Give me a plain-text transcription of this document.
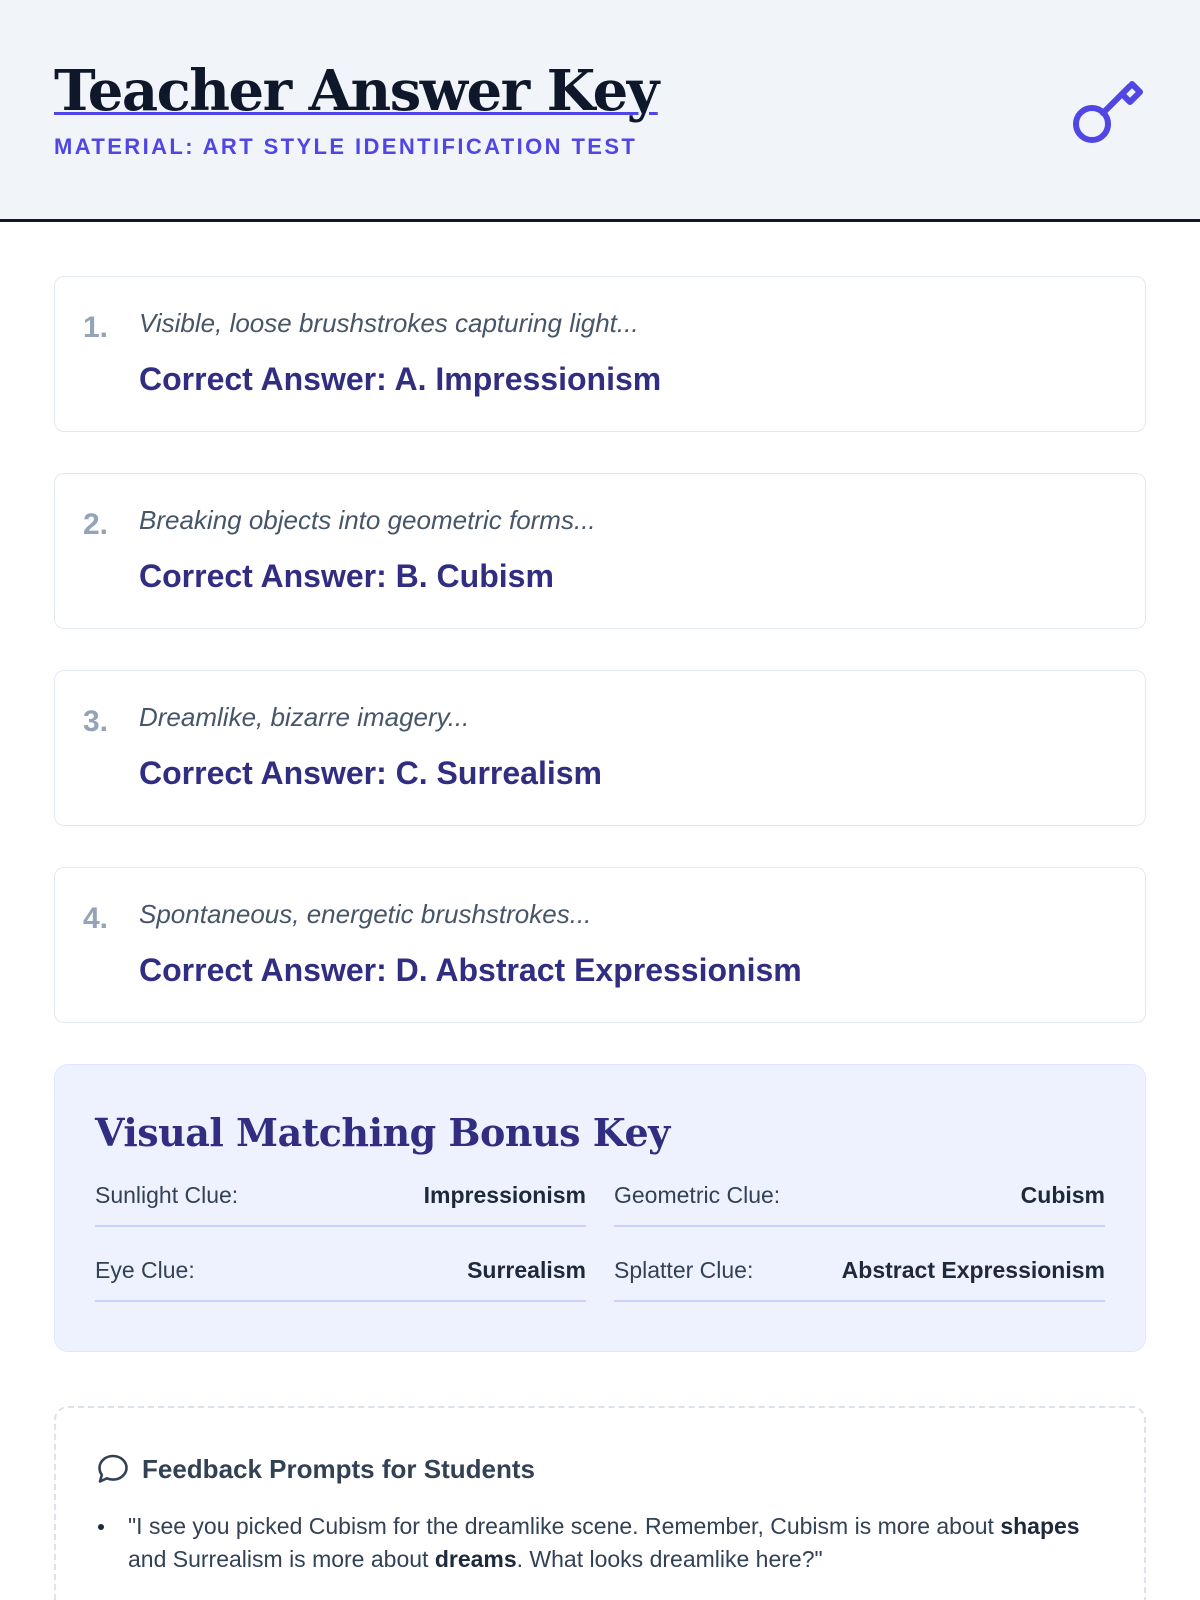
Teacher Answer Key
MATERIAL: ART STYLE IDENTIFICATION TEST
1. Visible, loose brushstrokes capturing light...
Correct Answer: A. Impressionism
2. Breaking objects into geometric forms...
Correct Answer: B. Cubism
3. Dreamlike, bizarre imagery...
Correct Answer: C. Surrealism
4. Spontaneous, energetic brushstrokes...
Correct Answer: D. Abstract Expressionism
Visual Matching Bonus Key
Sunlight Clue:	Impressionism Geometric Clue:	Cubism
Eye Clue:	Surrealism Splatter Clue:	Abstract Expressionism
Feedback Prompts for Students
"I see you picked Cubism for the dreamlike scene. Remember, Cubism is more about shapes and Surrealism is more about dreams. What looks dreamlike here?"
